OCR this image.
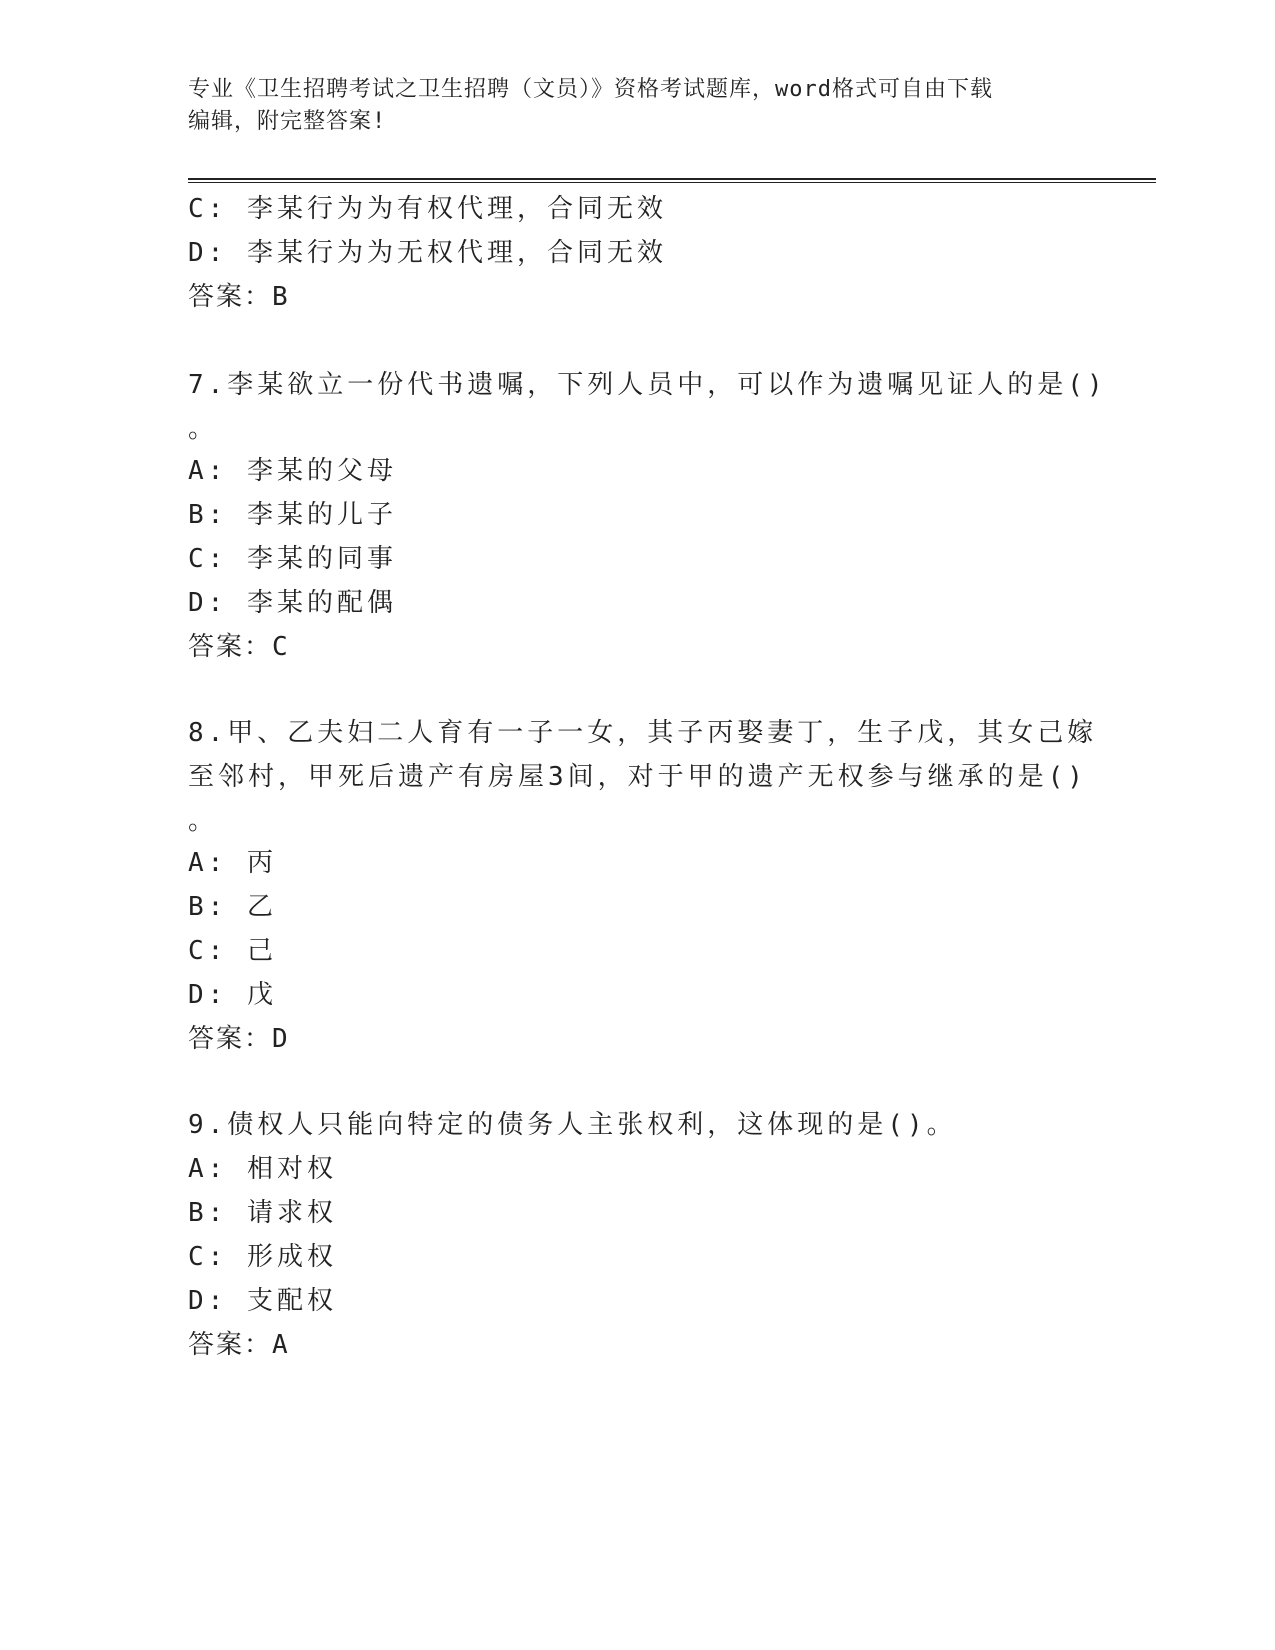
专业《卫生招聘考试之卫生招聘（文员）》资格考试题库，word格式可自由下载
编辑，附完整答案!
C: 李某行为为有权代理，合同无效
D: 李某行为为无权代理，合同无效
答案：B
7.李某欲立一份代书遗嘱，下列人员中，可以作为遗嘱见证人的是()
。
A: 李某的父母
B: 李某的儿子
C: 李某的同事
D: 李某的配偶
答案：C
8.甲、乙夫妇二人育有一子一女，其子丙娶妻丁，生子戊，其女己嫁
至邻村，甲死后遗产有房屋3间，对于甲的遗产无权参与继承的是()
。
A: 丙
B: 乙
C: 己
D: 戊
答案：D
9.债权人只能向特定的债务人主张权利，这体现的是()。
A: 相对权
B: 请求权
C: 形成权
D: 支配权
答案：A
